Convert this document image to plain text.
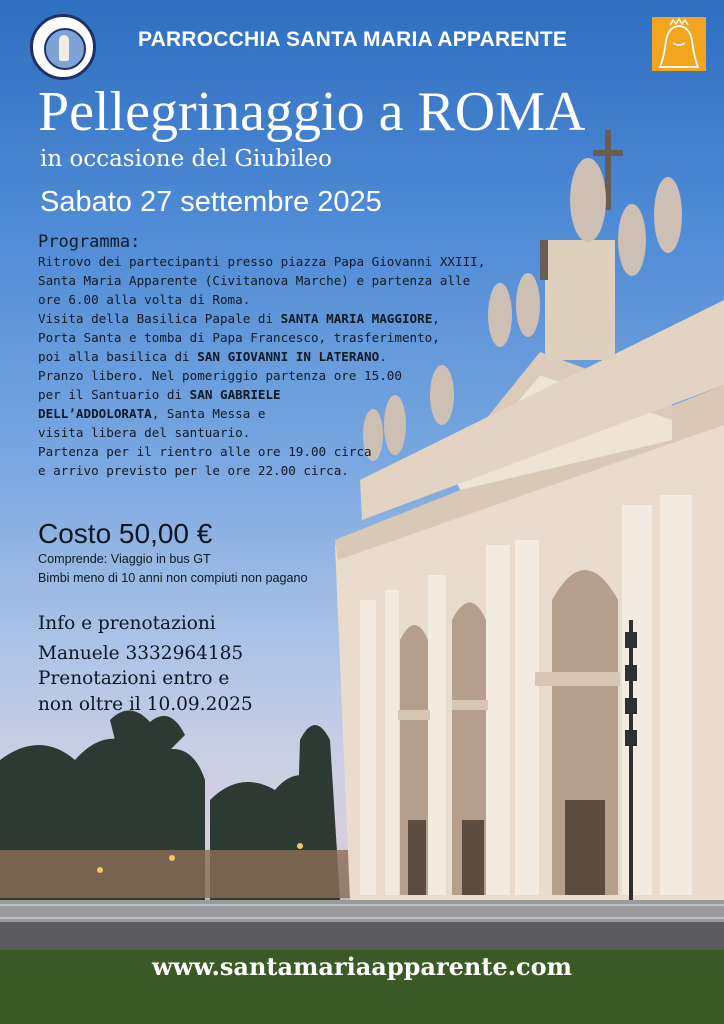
PARROCCHIA SANTA MARIA APPARENTE
Pellegrinaggio a ROMA
in occasione del Giubileo
Sabato 27 settembre 2025
Programma:
Ritrovo dei partecipanti presso piazza Papa Giovanni XXIII,
Santa Maria Apparente (Civitanova Marche) e partenza alle
ore 6.00 alla volta di Roma.
Visita della Basilica Papale di SANTA MARIA MAGGIORE,
Porta Santa e tomba di Papa Francesco, trasferimento,
poi alla basilica di SAN GIOVANNI IN LATERANO.
Pranzo libero. Nel pomeriggio partenza ore 15.00
per il Santuario di SAN GABRIELE
DELL’ADDOLORATA, Santa Messa e
visita libera del santuario.
Partenza per il rientro alle ore 19.00 circa
e arrivo previsto per le ore 22.00 circa.
Costo 50,00 €
Comprende: Viaggio in bus GT
Bimbi meno di 10 anni non compiuti non pagano
Info e prenotazioni
Manuele 3332964185
Prenotazioni entro e
non oltre il 10.09.2025
www.santamariaapparente.com
